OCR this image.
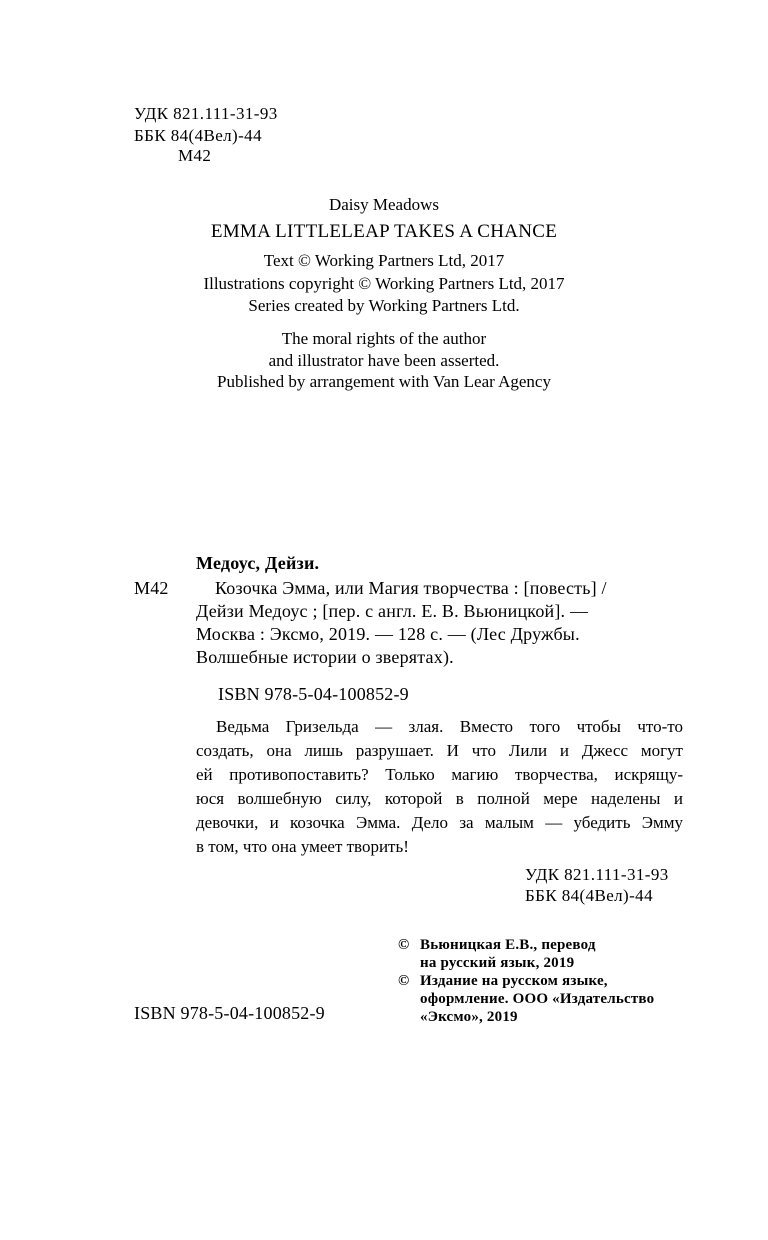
УДК 821.111-31-93
ББК 84(4Вел)-44
М42
Daisy Meadows
EMMA LITTLELEAP TAKES A CHANCE
Text © Working Partners Ltd, 2017
Illustrations copyright © Working Partners Ltd, 2017
Series created by Working Partners Ltd.
The moral rights of the author
and illustrator have been asserted.
Published by arrangement with Van Lear Agency
Медоус, Дейзи.
М42	Козочка Эмма, или Магия творчества : [повесть] /
Дейзи Медоус ; [пер. с англ. Е. В. Вьюницкой]. —
Москва : Эксмо, 2019. — 128 с. — (Лес Дружбы.
Волшебные истории о зверятах).
ISBN 978-5-04-100852-9
Ведьма Гризельда — злая. Вместо того чтобы что-то
создать, она лишь разрушает. И что Лили и Джесс могут
ей противопоставить? Только магию творчества, искрящу-
юся волшебную силу, которой в полной мере наделены и
девочки, и козочка Эмма. Дело за малым — убедить Эмму
в том, что она умеет творить!
УДК 821.111-31-93
ББК 84(4Вел)-44
ISBN 978-5-04-100852-9
© Вьюницкая Е.В., перевод
на русский язык, 2019
© Издание на русском языке,
оформление. ООО «Издательство
«Эксмо», 2019
